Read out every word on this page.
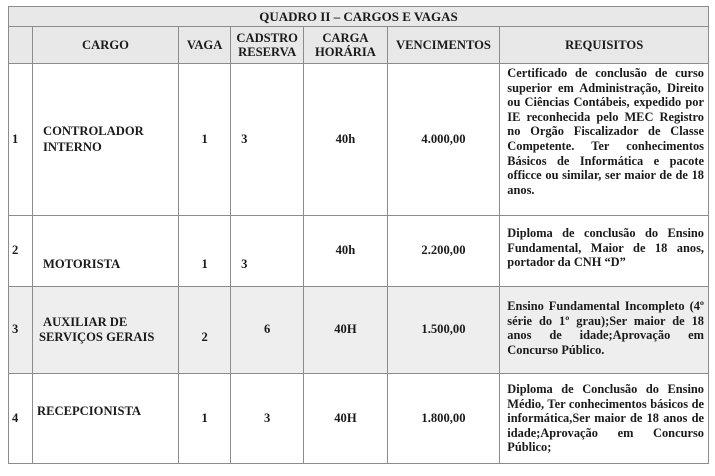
QUADRO II – CARGOS E VAGAS						
	CARGO	VAGA	CADSTRO
RESERVA	CARGA
HORÁRIA	VENCIMENTOS	REQUISITOS
1	CONTROLADOR
INTERNO	1	3	40h	4.000,00	Certificado de conclusão de curso superior em Administração, Direito ou Ciências Contábeis, expedido por IE reconhecida pelo MEC Registro no Orgão Fiscalizador de Classe Competente. Ter conhecimentos Básicos de Informática e pacote officce ou similar, ser maior de de 18 anos.
2	MOTORISTA	1	3	40h	2.200,00	Diploma de conclusão do Ensino Fundamental, Maior de 18 anos, portador da CNH “D”
3	AUXILIAR DE
SERVIÇOS GERAIS	2	6	40H	1.500,00	Ensino Fundamental Incompleto (4º série do 1º grau);Ser maior de 18 anos de idade;Aprovação em Concurso Público.
4	RECEPCIONISTA	1	3	40H	1.800,00	Diploma de Conclusão do Ensino Médio, Ter conhecimentos básicos de informática,Ser maior de 18 anos de idade;Aprovação em Concurso Público;
